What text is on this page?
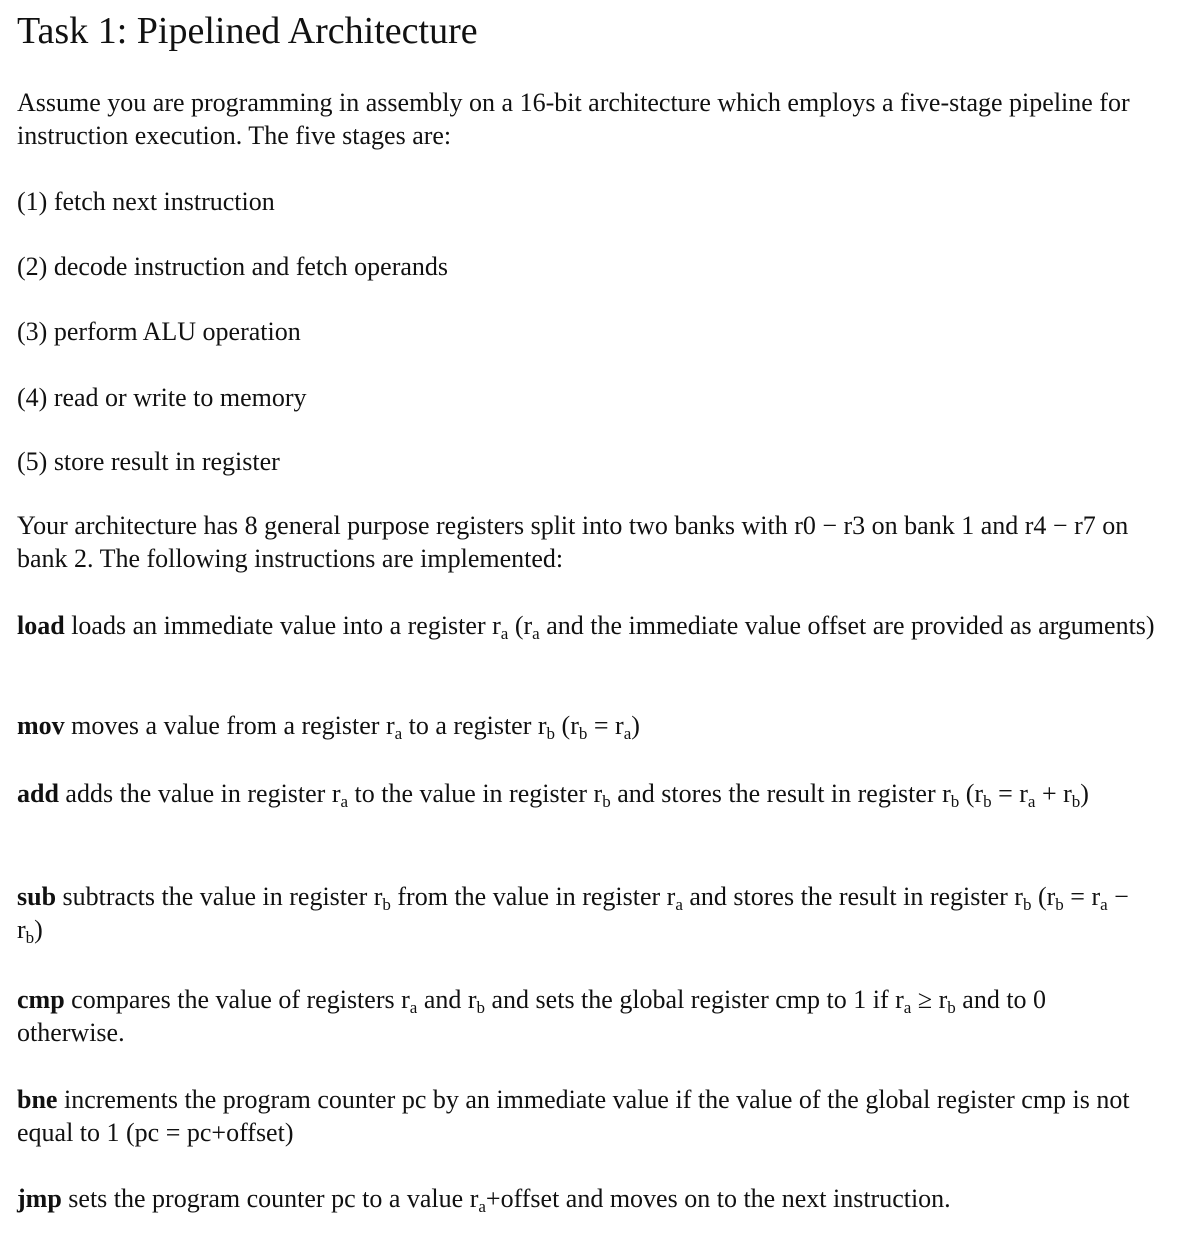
Task 1: Pipelined Architecture

Assume you are programming in assembly on a 16-bit architecture which employs a five-stage pipeline for instruction execution. The five stages are:

(1) fetch next instruction

(2) decode instruction and fetch operands

(3) perform ALU operation

(4) read or write to memory

(5) store result in register

Your architecture has 8 general purpose registers split into two banks with r0 − r3 on bank 1 and r4 − r7 on bank 2. The following instructions are implemented:

load loads an immediate value into a register $r_a$ ($r_a$ and the immediate value offset are provided as arguments)

mov moves a value from a register $r_a$ to a register $r_b$ $(r_b = r_a)$

add adds the value in register $r_a$ to the value in register $r_b$ and stores the result in register $r_b$ $(r_b = r_a + r_b)$

sub subtracts the value in register $r_b$ from the value in register $r_a$ and stores the result in register $r_b$ $(r_b = r_a - r_b)$

cmp compares the value of registers $r_a$ and $r_b$ and sets the global register cmp to 1 if $r_a \ge r_b$ and to 0 otherwise.

bne increments the program counter pc by an immediate value if the value of the global register cmp is not equal to 1 (pc = pc+offset)

jmp sets the program counter pc to a value $r_a+offset$ and moves on to the next instruction.
